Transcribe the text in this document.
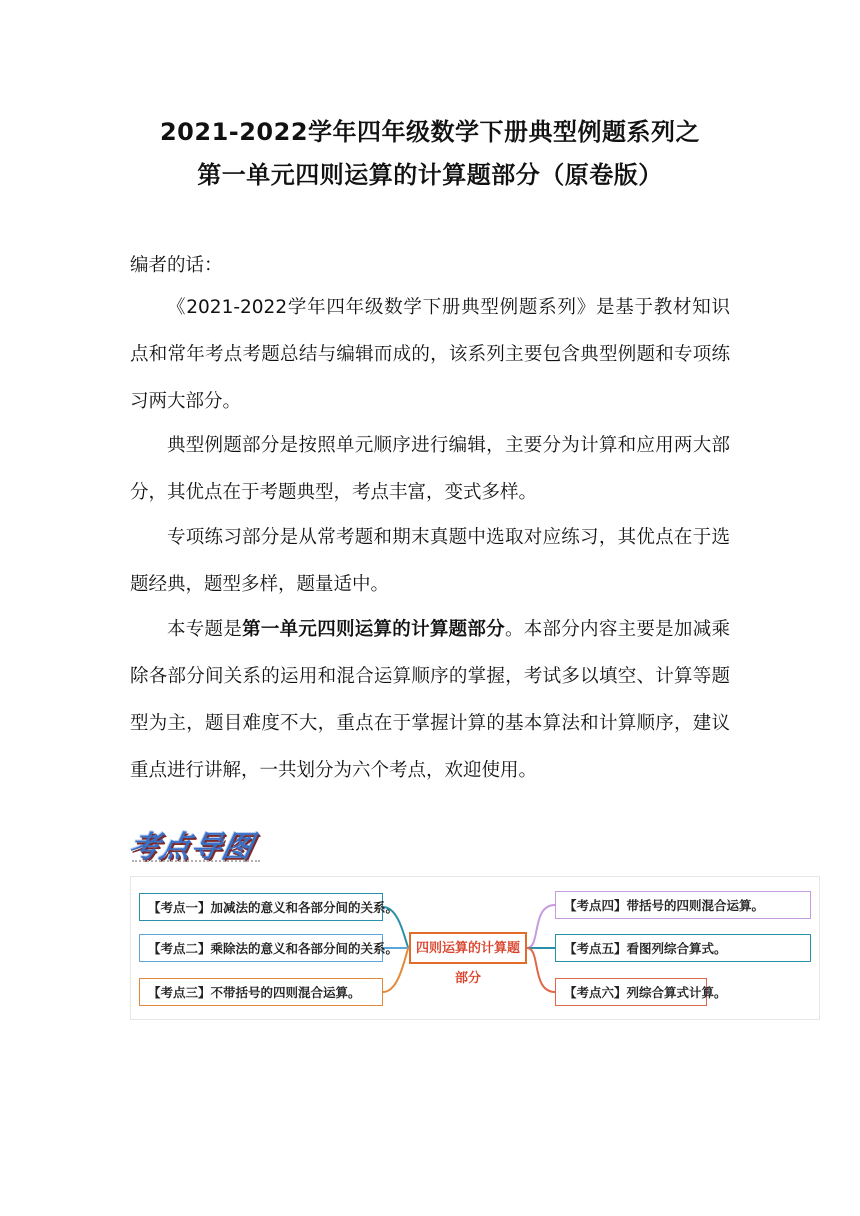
2021-2022学年四年级数学下册典型例题系列之
第一单元四则运算的计算题部分（原卷版）

编者的话：

《2021-2022学年四年级数学下册典型例题系列》是基于教材知识点和常年考点考题总结与编辑而成的，该系列主要包含典型例题和专项练习两大部分。

典型例题部分是按照单元顺序进行编辑，主要分为计算和应用两大部分，其优点在于考题典型，考点丰富，变式多样。

专项练习部分是从常考题和期末真题中选取对应练习，其优点在于选题经典，题型多样，题量适中。

本专题是第一单元四则运算的计算题部分。本部分内容主要是加减乘除各部分间关系的运用和混合运算顺序的掌握，考试多以填空、计算等题型为主，题目难度不大，重点在于掌握计算的基本算法和计算顺序，建议重点进行讲解，一共划分为六个考点，欢迎使用。

考点导图
【考点一】加减法的意义和各部分间的关系。
【考点二】乘除法的意义和各部分间的关系。
【考点三】不带括号的四则混合运算。
四则运算的计算题部分
【考点四】带括号的四则混合运算。
【考点五】看图列综合算式。
【考点六】列综合算式计算。
